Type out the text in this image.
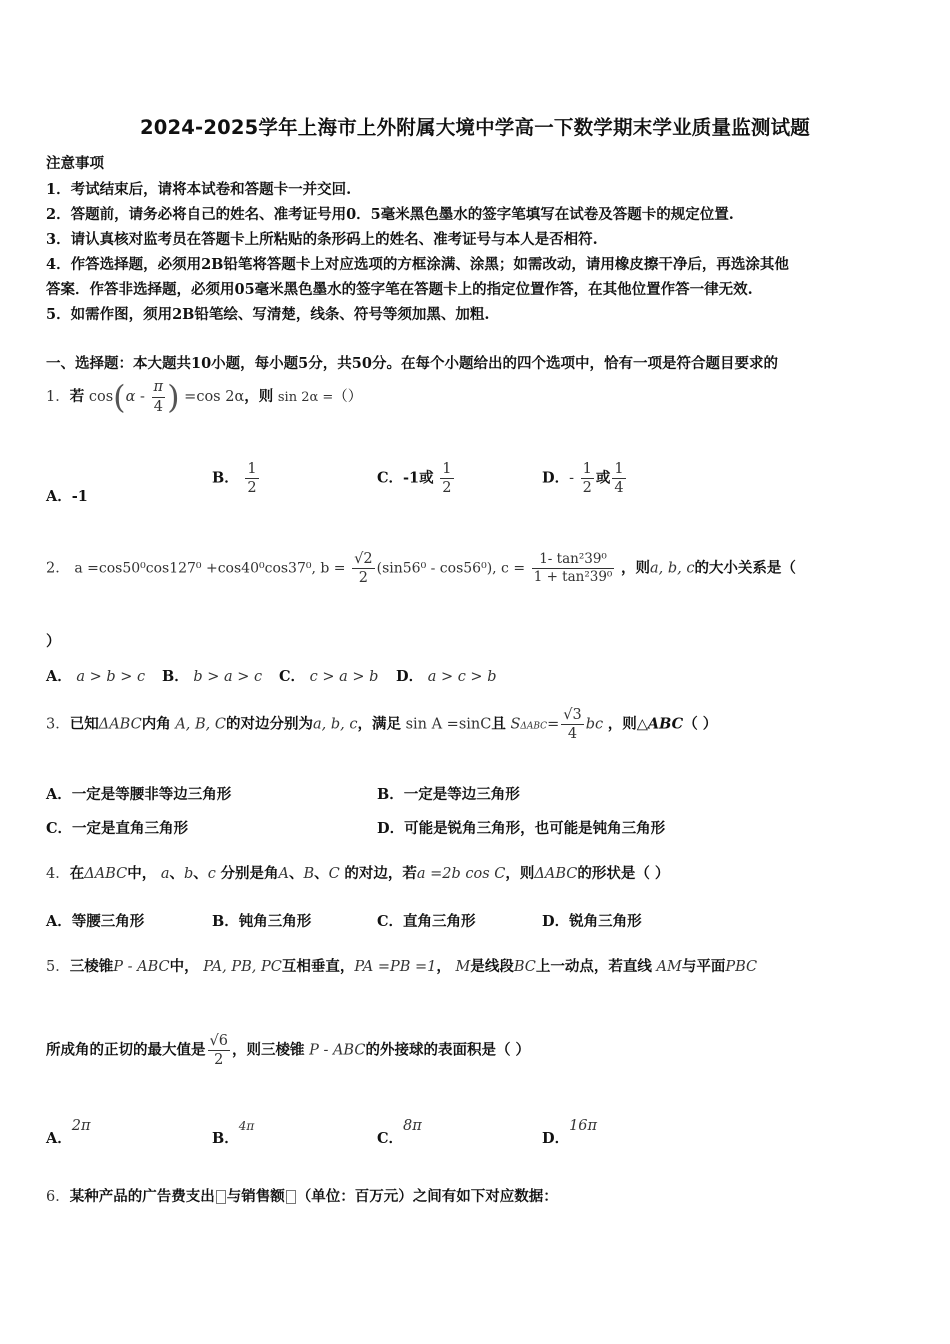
2024-2025学年上海市上外附属大境中学高一下数学期末学业质量监测试题
注意事项
1．考试结束后，请将本试卷和答题卡一并交回.
2．答题前，请务必将自己的姓名、准考证号用0．5毫米黑色墨水的签字笔填写在试卷及答题卡的规定位置.
3．请认真核对监考员在答题卡上所粘贴的条形码上的姓名、准考证号与本人是否相符.
4．作答选择题，必须用2B铅笔将答题卡上对应选项的方框涂满、涂黑；如需改动，请用橡皮擦干净后，再选涂其他
答案．作答非选择题，必须用05毫米黑色墨水的签字笔在答题卡上的指定位置作答，在其他位置作答一律无效.
5．如需作图，须用2B铅笔绘、写清楚，线条、符号等须加黑、加粗.
一、选择题：本大题共10小题，每小题5分，共50分。在每个小题给出的四个选项中，恰有一项是符合题目要求的
1．若 $\cos(\alpha - \frac{\pi}{4}$ ) =cos 2α，则 sin 2α =（）
A．-1
B． $\frac{1}{2}$	C．-1或 $\frac{1}{2}$	D．- $\frac{1}{2}$ 或 $\frac{1}{4}$
2． a =cos50⁰cos127⁰ +cos40⁰cos37⁰, $b = \frac{√2}{2} (\sin 56^0 - \cos 56^0)$, $c = \frac{\text{1- tan²39⁰}}{\text{1 + tan²39⁰}}$ ，则a, b, c的大小关系是（
）
A． a > b > c B． b > a > c C． c > a > b D． a > c > b
3．已知ΔABC内角 A, B, C的对边分别为a, b, c，满足 sin A =sinC且 $S\Delta ABC= \frac{√3}{4}$ bc ，则△ABC（ ）
A．一定是等腰非等边三角形	B．一定是等边三角形
C．一定是直角三角形	D．可能是锐角三角形，也可能是钝角三角形
4．在ΔABC中， a、b、c 分别是角A、B、C 的对边，若a =2b cos C，则ΔABC的形状是（ ）
A．等腰三角形	B．钝角三角形	C．直角三角形	D．锐角三角形
5．三棱锥P - ABC中， PA, PB, PC互相垂直，PA =PB =1， M是线段BC上一动点，若直线 AM与平面PBC
所成角的正切的最大值是 $\frac{√6}{2}$ ，则三棱锥 P - ABC的外接球的表面积是（ ）
A．2π
B．4π
C．8π
D．16π
6．某种产品的广告费支出 与销售额 （单位：百万元）之间有如下对应数据：
